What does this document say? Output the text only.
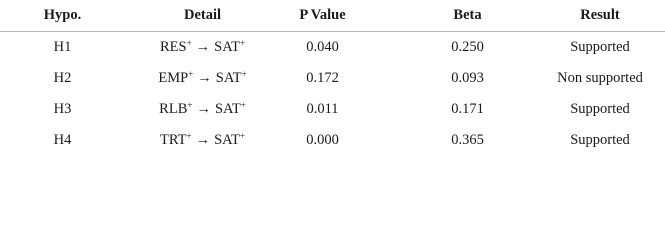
Hypo.	Detail	P Value	Beta	Result
H1	RES+ → SAT+	0.040	0.250	Supported
H2	EMP+ → SAT+	0.172	0.093	Non supported
H3	RLB+ → SAT+	0.011	0.171	Supported
H4	TRT+ → SAT+	0.000	0.365	Supported
